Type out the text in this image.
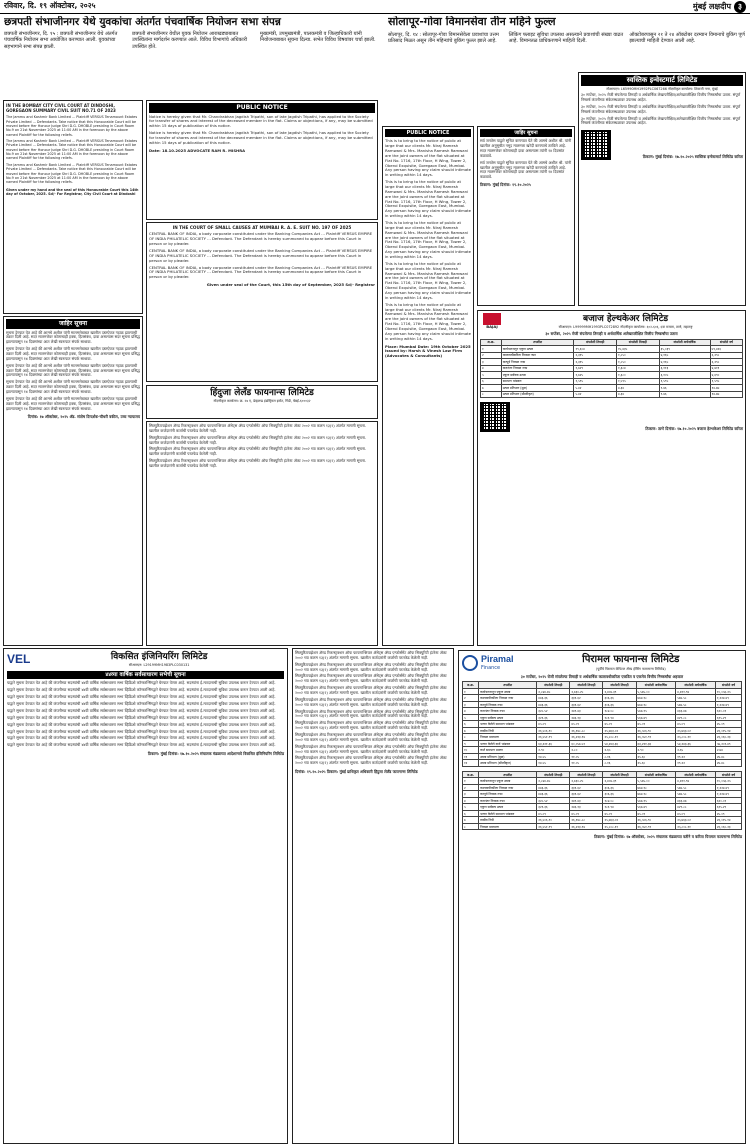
रविवार, दि. १९ ऑक्टोबर, २०२५	मुंबई लक्षदीप ३
छत्रपती संभाजीनगर येथे युवकांचा अंतर्गत पंचवार्षिक नियोजन सभा संपन्न
छत्रपती संभाजीनगर, दि. १५ : छत्रपती संभाजीनगर येथे अंतर्गत पंचवार्षिक नियोजन सभा आयोजित करण्यात आली. युवकांच्या सहभागाने सभा संपन्न झाली.
छत्रपती संभाजीनगर येथील युवक नियोजन आराखड्याबाबत उपस्थितांना मार्गदर्शन करण्यात आले. विविध विभागांचे अधिकारी उपस्थित होते.
मुख्यमंत्री, उपमुख्यमंत्री, पालकमंत्री व जिल्हाधिकारी यांनी नियोजनाबाबत सूचना दिल्या. सभेत विविध विषयांवर चर्चा झाली.
सोलापूर-गोवा विमानसेवा तीन महिने फुल्ल
सोलापूर, दि. १४ : सोलापूर-गोवा विमानसेवेला प्रवाशांचा उत्तम प्रतिसाद मिळत असून तीन महिन्यांचे बुकिंग फुल्ल झाले आहे.
लिंकिंग फ्लाइट सुविधा उपलब्ध असल्याने प्रवाशांची संख्या वाढत आहे. विमानतळ प्राधिकरणाने माहिती दिली.
ऑक्टोबरपासून २१ ते २४ ऑक्टोबर दरम्यान विमानाचे बुकिंग पूर्ण झाल्याची माहिती देण्यात आली आहे.
IN THE BOMBAY CITY CIVIL COURT AT DINDOSHI, GOREGAON SUMMARY CIVIL SUIT NO.71 OF 2023
The Jammu and Kashmir Bank Limited ... Plaintiff VERSUS Tenamount Estates Private Limited ... Defendants. Take notice that this Honourable Court will be moved before Her Honour Judge Shri D.G. DHOBLE presiding in Court Room No.9 on 21st November 2025 at 11:00 AM in the forenoon by the above named Plaintiff for the following reliefs.
The Jammu and Kashmir Bank Limited ... Plaintiff VERSUS Tenamount Estates Private Limited ... Defendants. Take notice that this Honourable Court will be moved before Her Honour Judge Shri D.G. DHOBLE presiding in Court Room No.9 on 21st November 2025 at 11:00 AM in the forenoon by the above named Plaintiff for the following reliefs.
The Jammu and Kashmir Bank Limited ... Plaintiff VERSUS Tenamount Estates Private Limited ... Defendants. Take notice that this Honourable Court will be moved before Her Honour Judge Shri D.G. DHOBLE presiding in Court Room No.9 on 21st November 2025 at 11:00 AM in the forenoon by the above named Plaintiff for the following reliefs.
Given under my hand and the seal of this Honourable Court this 14th day of October, 2025. Sd/- For Registrar, City Civil Court at Dindoshi
जाहिर सूचना
सूचना देण्यात येत आहे की आमचे अशील यांनी मालमत्तेबाबत खालील दस्तऐवज गहाळ झाल्याची तक्रार दिली आहे. सदर मालमत्तेवर कोणाचाही हक्क, हितसंबंध, दावा असल्यास सदर सूचना प्रसिद्ध झाल्यापासून १४ दिवसांच्या आत लेखी स्वरूपात संपर्क साधावा.
सूचना देण्यात येत आहे की आमचे अशील यांनी मालमत्तेबाबत खालील दस्तऐवज गहाळ झाल्याची तक्रार दिली आहे. सदर मालमत्तेवर कोणाचाही हक्क, हितसंबंध, दावा असल्यास सदर सूचना प्रसिद्ध झाल्यापासून १४ दिवसांच्या आत लेखी स्वरूपात संपर्क साधावा.
सूचना देण्यात येत आहे की आमचे अशील यांनी मालमत्तेबाबत खालील दस्तऐवज गहाळ झाल्याची तक्रार दिली आहे. सदर मालमत्तेवर कोणाचाही हक्क, हितसंबंध, दावा असल्यास सदर सूचना प्रसिद्ध झाल्यापासून १४ दिवसांच्या आत लेखी स्वरूपात संपर्क साधावा.
सूचना देण्यात येत आहे की आमचे अशील यांनी मालमत्तेबाबत खालील दस्तऐवज गहाळ झाल्याची तक्रार दिली आहे. सदर मालमत्तेवर कोणाचाही हक्क, हितसंबंध, दावा असल्यास सदर सूचना प्रसिद्ध झाल्यापासून १४ दिवसांच्या आत लेखी स्वरूपात संपर्क साधावा.
सूचना देण्यात येत आहे की आमचे अशील यांनी मालमत्तेबाबत खालील दस्तऐवज गहाळ झाल्याची तक्रार दिली आहे. सदर मालमत्तेवर कोणाचाही हक्क, हितसंबंध, दावा असल्यास सदर सूचना प्रसिद्ध झाल्यापासून १४ दिवसांच्या आत लेखी स्वरूपात संपर्क साधावा.
दिनांक: १७ ऑक्टोबर, २०२५ ॲड. संतोष दिग्दर्शक-चौधरी वकील, उच्च न्यायालय
PUBLIC NOTICE
Notice is hereby given that Mr. Chandrabhan Jagdish Tripathi, son of late Jagdish Tripathi, has applied to the Society for transfer of shares and interest of the deceased member in the flat. Claims or objections, if any, may be submitted within 15 days of publication of this notice.
Notice is hereby given that Mr. Chandrabhan Jagdish Tripathi, son of late Jagdish Tripathi, has applied to the Society for transfer of shares and interest of the deceased member in the flat. Claims or objections, if any, may be submitted within 15 days of publication of this notice.
Date: 18.10.2025 ADVOCATE RAM R. MISHRA
IN THE COURT OF SMALL CAUSES AT MUMBAI R. A. E. SUIT NO. 197 OF 2025
CENTRAL BANK OF INDIA, a body corporate constituted under the Banking Companies Act ... Plaintiff VERSUS EMPIRE OF INDIA PHILATELIC SOCIETY ... Defendant. The Defendant is hereby summoned to appear before this Court in person or by pleader.
CENTRAL BANK OF INDIA, a body corporate constituted under the Banking Companies Act ... Plaintiff VERSUS EMPIRE OF INDIA PHILATELIC SOCIETY ... Defendant. The Defendant is hereby summoned to appear before this Court in person or by pleader.
CENTRAL BANK OF INDIA, a body corporate constituted under the Banking Companies Act ... Plaintiff VERSUS EMPIRE OF INDIA PHILATELIC SOCIETY ... Defendant. The Defendant is hereby summoned to appear before this Court in person or by pleader.
Given under seal of the Court, this 15th day of September, 2025 Sd/- Registrar
हिंदुजा लेलँड फायनान्स लिमिटेड
नोंदणीकृत कार्यालय: क्र. २७ ए, डेव्हलप्ड इंडस्ट्रियल इस्टेट, गिंडी, चेन्नई-६०००३२
सिक्युरिटायझेशन ॲण्ड रिकन्स्ट्रक्शन ऑफ फायनान्शियल ॲसेट्स ॲण्ड एन्फोर्समेंट ऑफ सिक्युरिटी इंटरेस्ट ॲक्ट २००२ च्या कलम १३(२) अंतर्गत मागणी सूचना. खालील कर्जदारांनी कर्जाची परतफेड केलेली नाही.
सिक्युरिटायझेशन ॲण्ड रिकन्स्ट्रक्शन ऑफ फायनान्शियल ॲसेट्स ॲण्ड एन्फोर्समेंट ऑफ सिक्युरिटी इंटरेस्ट ॲक्ट २००२ च्या कलम १३(२) अंतर्गत मागणी सूचना. खालील कर्जदारांनी कर्जाची परतफेड केलेली नाही.
सिक्युरिटायझेशन ॲण्ड रिकन्स्ट्रक्शन ऑफ फायनान्शियल ॲसेट्स ॲण्ड एन्फोर्समेंट ऑफ सिक्युरिटी इंटरेस्ट ॲक्ट २००२ च्या कलम १३(२) अंतर्गत मागणी सूचना. खालील कर्जदारांनी कर्जाची परतफेड केलेली नाही.
सिक्युरिटायझेशन ॲण्ड रिकन्स्ट्रक्शन ऑफ फायनान्शियल ॲसेट्स ॲण्ड एन्फोर्समेंट ऑफ सिक्युरिटी इंटरेस्ट ॲक्ट २००२ च्या कलम १३(२) अंतर्गत मागणी सूचना. खालील कर्जदारांनी कर्जाची परतफेड केलेली नाही.
सिक्युरिटायझेशन ॲण्ड रिकन्स्ट्रक्शन ऑफ फायनान्शियल ॲसेट्स ॲण्ड एन्फोर्समेंट ऑफ सिक्युरिटी इंटरेस्ट ॲक्ट २००२ च्या कलम १३(२) अंतर्गत मागणी सूचना. खालील कर्जदारांनी कर्जाची परतफेड केलेली नाही.
सिक्युरिटायझेशन ॲण्ड रिकन्स्ट्रक्शन ऑफ फायनान्शियल ॲसेट्स ॲण्ड एन्फोर्समेंट ऑफ सिक्युरिटी इंटरेस्ट ॲक्ट २००२ च्या कलम १३(२) अंतर्गत मागणी सूचना. खालील कर्जदारांनी कर्जाची परतफेड केलेली नाही.
सिक्युरिटायझेशन ॲण्ड रिकन्स्ट्रक्शन ऑफ फायनान्शियल ॲसेट्स ॲण्ड एन्फोर्समेंट ऑफ सिक्युरिटी इंटरेस्ट ॲक्ट २००२ च्या कलम १३(२) अंतर्गत मागणी सूचना. खालील कर्जदारांनी कर्जाची परतफेड केलेली नाही.
सिक्युरिटायझेशन ॲण्ड रिकन्स्ट्रक्शन ऑफ फायनान्शियल ॲसेट्स ॲण्ड एन्फोर्समेंट ऑफ सिक्युरिटी इंटरेस्ट ॲक्ट २००२ च्या कलम १३(२) अंतर्गत मागणी सूचना. खालील कर्जदारांनी कर्जाची परतफेड केलेली नाही.
सिक्युरिटायझेशन ॲण्ड रिकन्स्ट्रक्शन ऑफ फायनान्शियल ॲसेट्स ॲण्ड एन्फोर्समेंट ऑफ सिक्युरिटी इंटरेस्ट ॲक्ट २००२ च्या कलम १३(२) अंतर्गत मागणी सूचना. खालील कर्जदारांनी कर्जाची परतफेड केलेली नाही.
सिक्युरिटायझेशन ॲण्ड रिकन्स्ट्रक्शन ऑफ फायनान्शियल ॲसेट्स ॲण्ड एन्फोर्समेंट ऑफ सिक्युरिटी इंटरेस्ट ॲक्ट २००२ च्या कलम १३(२) अंतर्गत मागणी सूचना. खालील कर्जदारांनी कर्जाची परतफेड केलेली नाही.
सिक्युरिटायझेशन ॲण्ड रिकन्स्ट्रक्शन ऑफ फायनान्शियल ॲसेट्स ॲण्ड एन्फोर्समेंट ऑफ सिक्युरिटी इंटरेस्ट ॲक्ट २००२ च्या कलम १३(२) अंतर्गत मागणी सूचना. खालील कर्जदारांनी कर्जाची परतफेड केलेली नाही.
सिक्युरिटायझेशन ॲण्ड रिकन्स्ट्रक्शन ऑफ फायनान्शियल ॲसेट्स ॲण्ड एन्फोर्समेंट ऑफ सिक्युरिटी इंटरेस्ट ॲक्ट २००२ च्या कलम १३(२) अंतर्गत मागणी सूचना. खालील कर्जदारांनी कर्जाची परतफेड केलेली नाही.
सिक्युरिटायझेशन ॲण्ड रिकन्स्ट्रक्शन ऑफ फायनान्शियल ॲसेट्स ॲण्ड एन्फोर्समेंट ऑफ सिक्युरिटी इंटरेस्ट ॲक्ट २००२ च्या कलम १३(२) अंतर्गत मागणी सूचना. खालील कर्जदारांनी कर्जाची परतफेड केलेली नाही.
सिक्युरिटायझेशन ॲण्ड रिकन्स्ट्रक्शन ऑफ फायनान्शियल ॲसेट्स ॲण्ड एन्फोर्समेंट ऑफ सिक्युरिटी इंटरेस्ट ॲक्ट २००२ च्या कलम १३(२) अंतर्गत मागणी सूचना. खालील कर्जदारांनी कर्जाची परतफेड केलेली नाही.
दिनांक: १९.१०.२०२५ ठिकाण: मुंबई प्राधिकृत अधिकारी हिंदुजा लेलँड फायनान्स लिमिटेड
VEL	विकसित इंजिनियरिंग लिमिटेड
सीआयएन: L29199MH1983PLC030131
४४व्या वार्षिक सर्वसाधारण सभेची सूचना
याद्वारे सूचना देण्यात येत आहे की कंपनीच्या सदस्यांची ४४वी वार्षिक सर्वसाधारण सभा व्हिडिओ कॉन्फरन्सिंगद्वारे घेण्यात येणार आहे. सदस्यांना ई-मतदानाची सुविधा उपलब्ध करून देण्यात आली आहे.
याद्वारे सूचना देण्यात येत आहे की कंपनीच्या सदस्यांची ४४वी वार्षिक सर्वसाधारण सभा व्हिडिओ कॉन्फरन्सिंगद्वारे घेण्यात येणार आहे. सदस्यांना ई-मतदानाची सुविधा उपलब्ध करून देण्यात आली आहे.
याद्वारे सूचना देण्यात येत आहे की कंपनीच्या सदस्यांची ४४वी वार्षिक सर्वसाधारण सभा व्हिडिओ कॉन्फरन्सिंगद्वारे घेण्यात येणार आहे. सदस्यांना ई-मतदानाची सुविधा उपलब्ध करून देण्यात आली आहे.
याद्वारे सूचना देण्यात येत आहे की कंपनीच्या सदस्यांची ४४वी वार्षिक सर्वसाधारण सभा व्हिडिओ कॉन्फरन्सिंगद्वारे घेण्यात येणार आहे. सदस्यांना ई-मतदानाची सुविधा उपलब्ध करून देण्यात आली आहे.
याद्वारे सूचना देण्यात येत आहे की कंपनीच्या सदस्यांची ४४वी वार्षिक सर्वसाधारण सभा व्हिडिओ कॉन्फरन्सिंगद्वारे घेण्यात येणार आहे. सदस्यांना ई-मतदानाची सुविधा उपलब्ध करून देण्यात आली आहे.
याद्वारे सूचना देण्यात येत आहे की कंपनीच्या सदस्यांची ४४वी वार्षिक सर्वसाधारण सभा व्हिडिओ कॉन्फरन्सिंगद्वारे घेण्यात येणार आहे. सदस्यांना ई-मतदानाची सुविधा उपलब्ध करून देण्यात आली आहे.
याद्वारे सूचना देण्यात येत आहे की कंपनीच्या सदस्यांची ४४वी वार्षिक सर्वसाधारण सभा व्हिडिओ कॉन्फरन्सिंगद्वारे घेण्यात येणार आहे. सदस्यांना ई-मतदानाची सुविधा उपलब्ध करून देण्यात आली आहे.
याद्वारे सूचना देण्यात येत आहे की कंपनीच्या सदस्यांची ४४वी वार्षिक सर्वसाधारण सभा व्हिडिओ कॉन्फरन्सिंगद्वारे घेण्यात येणार आहे. सदस्यांना ई-मतदानाची सुविधा उपलब्ध करून देण्यात आली आहे.
याद्वारे सूचना देण्यात येत आहे की कंपनीच्या सदस्यांची ४४वी वार्षिक सर्वसाधारण सभा व्हिडिओ कॉन्फरन्सिंगद्वारे घेण्यात येणार आहे. सदस्यांना ई-मतदानाची सुविधा उपलब्ध करून देण्यात आली आहे.
याद्वारे सूचना देण्यात येत आहे की कंपनीच्या सदस्यांची ४४वी वार्षिक सर्वसाधारण सभा व्हिडिओ कॉन्फरन्सिंगद्वारे घेण्यात येणार आहे. सदस्यांना ई-मतदानाची सुविधा उपलब्ध करून देण्यात आली आहे.
ठिकाण: मुंबई दिनांक: १७.१०.२०२५ संचालक मंडळाच्या आदेशान्वये विकसित इंजिनियरिंग लिमिटेड
PUBLIC NOTICE
This is to bring to the notice of public at large that our clients Mr. Niraj Ramesh Ramwani & Mrs. Manisha Ramesh Ramwani are the joint owners of the flat situated at Flat No. 1716, 17th Floor, H Wing, Tower 2, Oberoi Exquisite, Goregaon East, Mumbai. Any person having any claim should intimate in writing within 14 days.
This is to bring to the notice of public at large that our clients Mr. Niraj Ramesh Ramwani & Mrs. Manisha Ramesh Ramwani are the joint owners of the flat situated at Flat No. 1716, 17th Floor, H Wing, Tower 2, Oberoi Exquisite, Goregaon East, Mumbai. Any person having any claim should intimate in writing within 14 days.
This is to bring to the notice of public at large that our clients Mr. Niraj Ramesh Ramwani & Mrs. Manisha Ramesh Ramwani are the joint owners of the flat situated at Flat No. 1716, 17th Floor, H Wing, Tower 2, Oberoi Exquisite, Goregaon East, Mumbai. Any person having any claim should intimate in writing within 14 days.
This is to bring to the notice of public at large that our clients Mr. Niraj Ramesh Ramwani & Mrs. Manisha Ramesh Ramwani are the joint owners of the flat situated at Flat No. 1716, 17th Floor, H Wing, Tower 2, Oberoi Exquisite, Goregaon East, Mumbai. Any person having any claim should intimate in writing within 14 days.
This is to bring to the notice of public at large that our clients Mr. Niraj Ramesh Ramwani & Mrs. Manisha Ramesh Ramwani are the joint owners of the flat situated at Flat No. 1716, 17th Floor, H Wing, Tower 2, Oberoi Exquisite, Goregaon East, Mumbai. Any person having any claim should intimate in writing within 14 days.
Place: Mumbai Date: 19th October 2025 Issued by: Harsh & Vinesh Law Firm (Advocates & Consultants)
जाहिर सूचना
सर्व जनतेस याद्वारे सूचित करण्यात येते की आमचे अशील श्री. यांनी खालील अनुसूचीत नमूद मालमत्ता खरेदी करण्याचे ठरविले आहे. सदर मालमत्तेवर कोणाचाही दावा असल्यास त्यांनी १४ दिवसांत कळवावे.
सर्व जनतेस याद्वारे सूचित करण्यात येते की आमचे अशील श्री. यांनी खालील अनुसूचीत नमूद मालमत्ता खरेदी करण्याचे ठरविले आहे. सदर मालमत्तेवर कोणाचाही दावा असल्यास त्यांनी १४ दिवसांत कळवावे.
ठिकाण: मुंबई दिनांक: १९.१०.२०२५
स्वस्तिक इन्वेस्टमार्ट लिमिटेड
सीआयएन: L65990MH1992PLC067266 नोंदणीकृत कार्यालय: शिवाजी नगर, मुंबई
३० सप्टेंबर, २०२५ रोजी संपलेल्या तिमाही व अर्धवार्षिक लेखापरीक्षित/अलेखापरीक्षित वित्तीय निष्कर्षांचा उतारा. संपूर्ण निष्कर्ष कंपनीच्या संकेतस्थळावर उपलब्ध आहेत.
३० सप्टेंबर, २०२५ रोजी संपलेल्या तिमाही व अर्धवार्षिक लेखापरीक्षित/अलेखापरीक्षित वित्तीय निष्कर्षांचा उतारा. संपूर्ण निष्कर्ष कंपनीच्या संकेतस्थळावर उपलब्ध आहेत.
३० सप्टेंबर, २०२५ रोजी संपलेल्या तिमाही व अर्धवार्षिक लेखापरीक्षित/अलेखापरीक्षित वित्तीय निष्कर्षांचा उतारा. संपूर्ण निष्कर्ष कंपनीच्या संकेतस्थळावर उपलब्ध आहेत.
ठिकाण: मुंबई दिनांक: १७.१०.२०२५ स्वस्तिक इन्वेस्टमार्ट लिमिटेड करिता
BAJAJ
बजाज हेल्थकेअर लिमिटेड
सीआयएन: L99999MH1993PLC072892 नोंदणीकृत कार्यालय: ६०२-६०६, ६वा मजला, ठाणे, महाराष्ट्र
३० सप्टेंबर, २०२५ रोजी संपलेल्या तिमाही व अर्धवार्षिक अलेखापरीक्षित वित्तीय निष्कर्षांचा उतारा
अ.क्र.	तपशील	संपलेली तिमाही	संपलेली तिमाही	संपलेली अर्धवार्षिक	संपलेले वर्ष
१	कार्यचलनातून एकूण उत्पन्न	१९,६०४	१५,४३५	३५,०३९	७९,४२६
२	कालावधीकरिता निव्वळ नफा	२,३१५	१,८५०	४,१६५	६,२९८
३	करपूर्व निव्वळ नफा	२,३१५	१,८५०	४,१६५	६,२९८
४	करानंतर निव्वळ नफा	१,७२९	१,३८४	३,११३	४,७११
५	एकूण सर्वंकष उत्पन्न	१,७२५	१,३८०	३,१०५	४,६९०
६	समभाग भांडवल	१,५९५	१,५९५	१,५९५	१,५९५
७	उत्पन्न प्रतिभाग (मूळ)	५.४२	४.३४	९.७६	१४.७७
८	उत्पन्न प्रतिभाग (सौम्यीकृत)	५.४२	४.३४	९.७६	१४.७७
ठिकाण: ठाणे दिनांक: १७.१०.२०२५ बजाज हेल्थकेअर लिमिटेड करिता
Piramal
Finance
पिरामल फायनान्स लिमिटेड
(पूर्वीचे पिरामल कॅपिटल ॲण्ड हौसिंग फायनान्स लिमिटेड)
३० सप्टेंबर, २०२५ रोजी संपलेल्या तिमाही व अर्धवार्षिक कालावधीकरिता एकत्रित व एकमेव वित्तीय निष्कर्षांचा अहवाल
अ.क्र.	तपशील	संपलेली तिमाही	संपलेली तिमाही	संपलेली तिमाही	संपलेली अर्धवार्षिक	संपलेली अर्धवार्षिक	संपलेले वर्ष
१	कार्यचलनातून एकूण उत्पन्न	२,८४४.७५	२,७३०.२५	२,४०७.३९	५,५७५.००	४,७९१.९४	१०,०५६.२५
२	कालावधीकरिता निव्वळ नफा	४४३.३६	३३१.६२	३०६.३६	७७४.९८	५७४.५८	१,२२४.४९
३	करपूर्व निव्वळ नफा	४४३.३६	३३१.६२	३०६.३६	७७४.९८	५७४.५८	१,२२४.४९
४	करानंतर निव्वळ नफा	३२८.५२	२४९.४३	१८४.०८	५७७.९५	४३३.४७	६२०.०१
५	एकूण सर्वंकष उत्पन्न	३२१.३६	२४६.१३	१८१.९४	५६७.४९	४२९.८८	६१५.२९
६	भरणा केलेले समभाग भांडवल	४५.०९	४५.०९	४५.०९	४५.०९	४५.०९	४५.०९
७	राखीव निधी	२६,५०६.९०	२६,१७८.८८	२५,७६३.०२	२६,५०६.९०	२५,७६३.०२	२६,०१५.१४
८	निव्वळ मालमत्ता	२६,५५१.९९	२६,२२३.९७	२५,८०८.११	२६,५५१.९९	२५,८०८.११	२६,०६०.२३
९	भरणा केलेले कर्ज भांडवल	६३,२२१.३६	६०,०५७.५१	५४,२४३.३६	६३,२२१.३६	५४,२४३.३६	५७,२०१.४९
१०	कर्ज समभाग प्रमाण	२.९०	२.८०	२.६५	२.९०	२.६५	२.७४
११	उत्पन्न प्रतिभाग (मूळ)	१४.५५	११.०५	८.१६	२५.६०	१९.२२	२७.४८
१२	उत्पन्न प्रतिभाग (सौम्यीकृत)	१४.५५	११.०५	८.१६	२५.६०	१९.२२	२७.४८
अ.क्र.	तपशील	संपलेली तिमाही	संपलेली तिमाही	संपलेली तिमाही	संपलेली अर्धवार्षिक	संपलेली अर्धवार्षिक	संपलेले वर्ष
१	कार्यचलनातून एकूण उत्पन्न	२,८४४.७५	२,७३०.२५	२,४०७.३९	५,५७५.००	४,७९१.९४	१०,०५६.२५
२	कालावधीकरिता निव्वळ नफा	४४३.३६	३३१.६२	३०६.३६	७७४.९८	५७४.५८	१,२२४.४९
३	करपूर्व निव्वळ नफा	४४३.३६	३३१.६२	३०६.३६	७७४.९८	५७४.५८	१,२२४.४९
४	करानंतर निव्वळ नफा	३२८.५२	२४९.४३	१८४.०८	५७७.९५	४३३.४७	६२०.०१
५	एकूण सर्वंकष उत्पन्न	३२१.३६	२४६.१३	१८१.९४	५६७.४९	४२९.८८	६१५.२९
६	भरणा केलेले समभाग भांडवल	४५.०९	४५.०९	४५.०९	४५.०९	४५.०९	४५.०९
७	राखीव निधी	२६,५०६.९०	२६,१७८.८८	२५,७६३.०२	२६,५०६.९०	२५,७६३.०२	२६,०१५.१४
८	निव्वळ मालमत्ता	२६,५५१.९९	२६,२२३.९७	२५,८०८.११	२६,५५१.९९	२५,८०८.११	२६,०६०.२३
ठिकाण: मुंबई दिनांक: १७ ऑक्टोबर, २०२५ संचालक मंडळाच्या वतीने व करिता पिरामल फायनान्स लिमिटेड
